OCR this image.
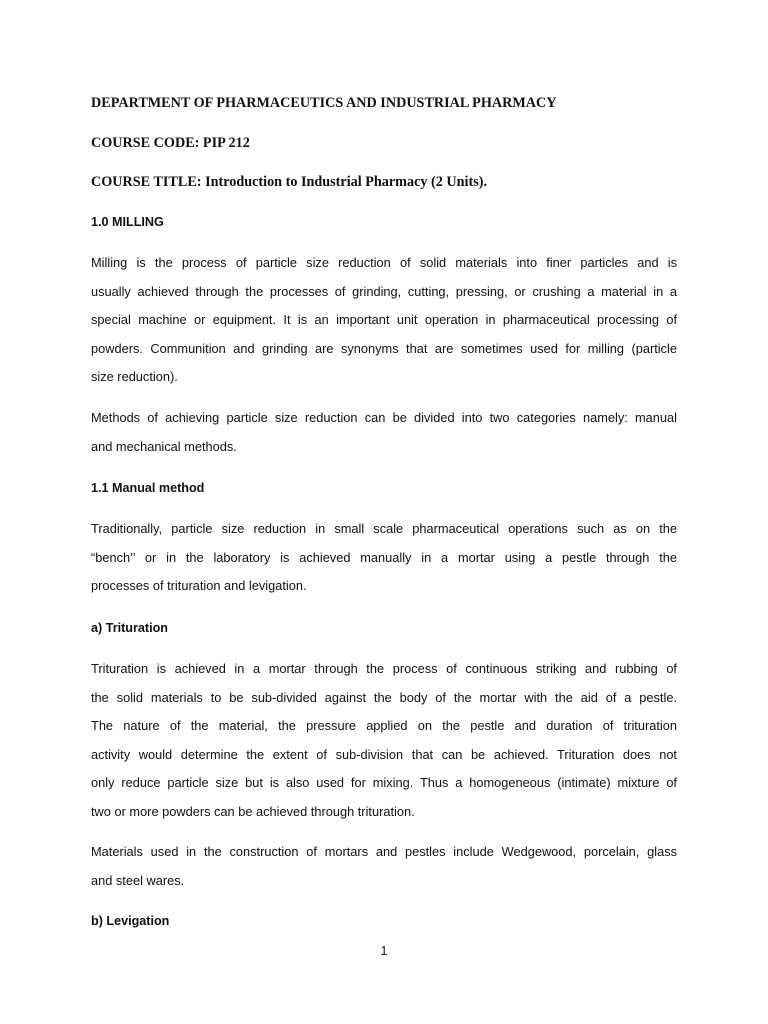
DEPARTMENT OF PHARMACEUTICS AND INDUSTRIAL PHARMACY

COURSE CODE: PIP 212

COURSE TITLE: Introduction to Industrial Pharmacy (2 Units).

1.0 MILLING

Milling is the process of particle size reduction of solid materials into finer particles and is
usually achieved through the processes of grinding, cutting, pressing, or crushing a material in a
special machine or equipment. It is an important unit operation in pharmaceutical processing of
powders. Communition and grinding are synonyms that are sometimes used for milling (particle
size reduction).
Methods of achieving particle size reduction can be divided into two categories namely: manual
and mechanical methods.

1.1 Manual method

Traditionally, particle size reduction in small scale pharmaceutical operations such as on the
“bench’’ or in the laboratory is achieved manually in a mortar using a pestle through the
processes of trituration and levigation.

a) Trituration

Trituration is achieved in a mortar through the process of continuous striking and rubbing of
the solid materials to be sub-divided against the body of the mortar with the aid of a pestle.
The nature of the material, the pressure applied on the pestle and duration of trituration
activity would determine the extent of sub-division that can be achieved. Trituration does not
only reduce particle size but is also used for mixing. Thus a homogeneous (intimate) mixture of
two or more powders can be achieved through trituration.
Materials used in the construction of mortars and pestles include Wedgewood, porcelain, glass
and steel wares.

b) Levigation

1
